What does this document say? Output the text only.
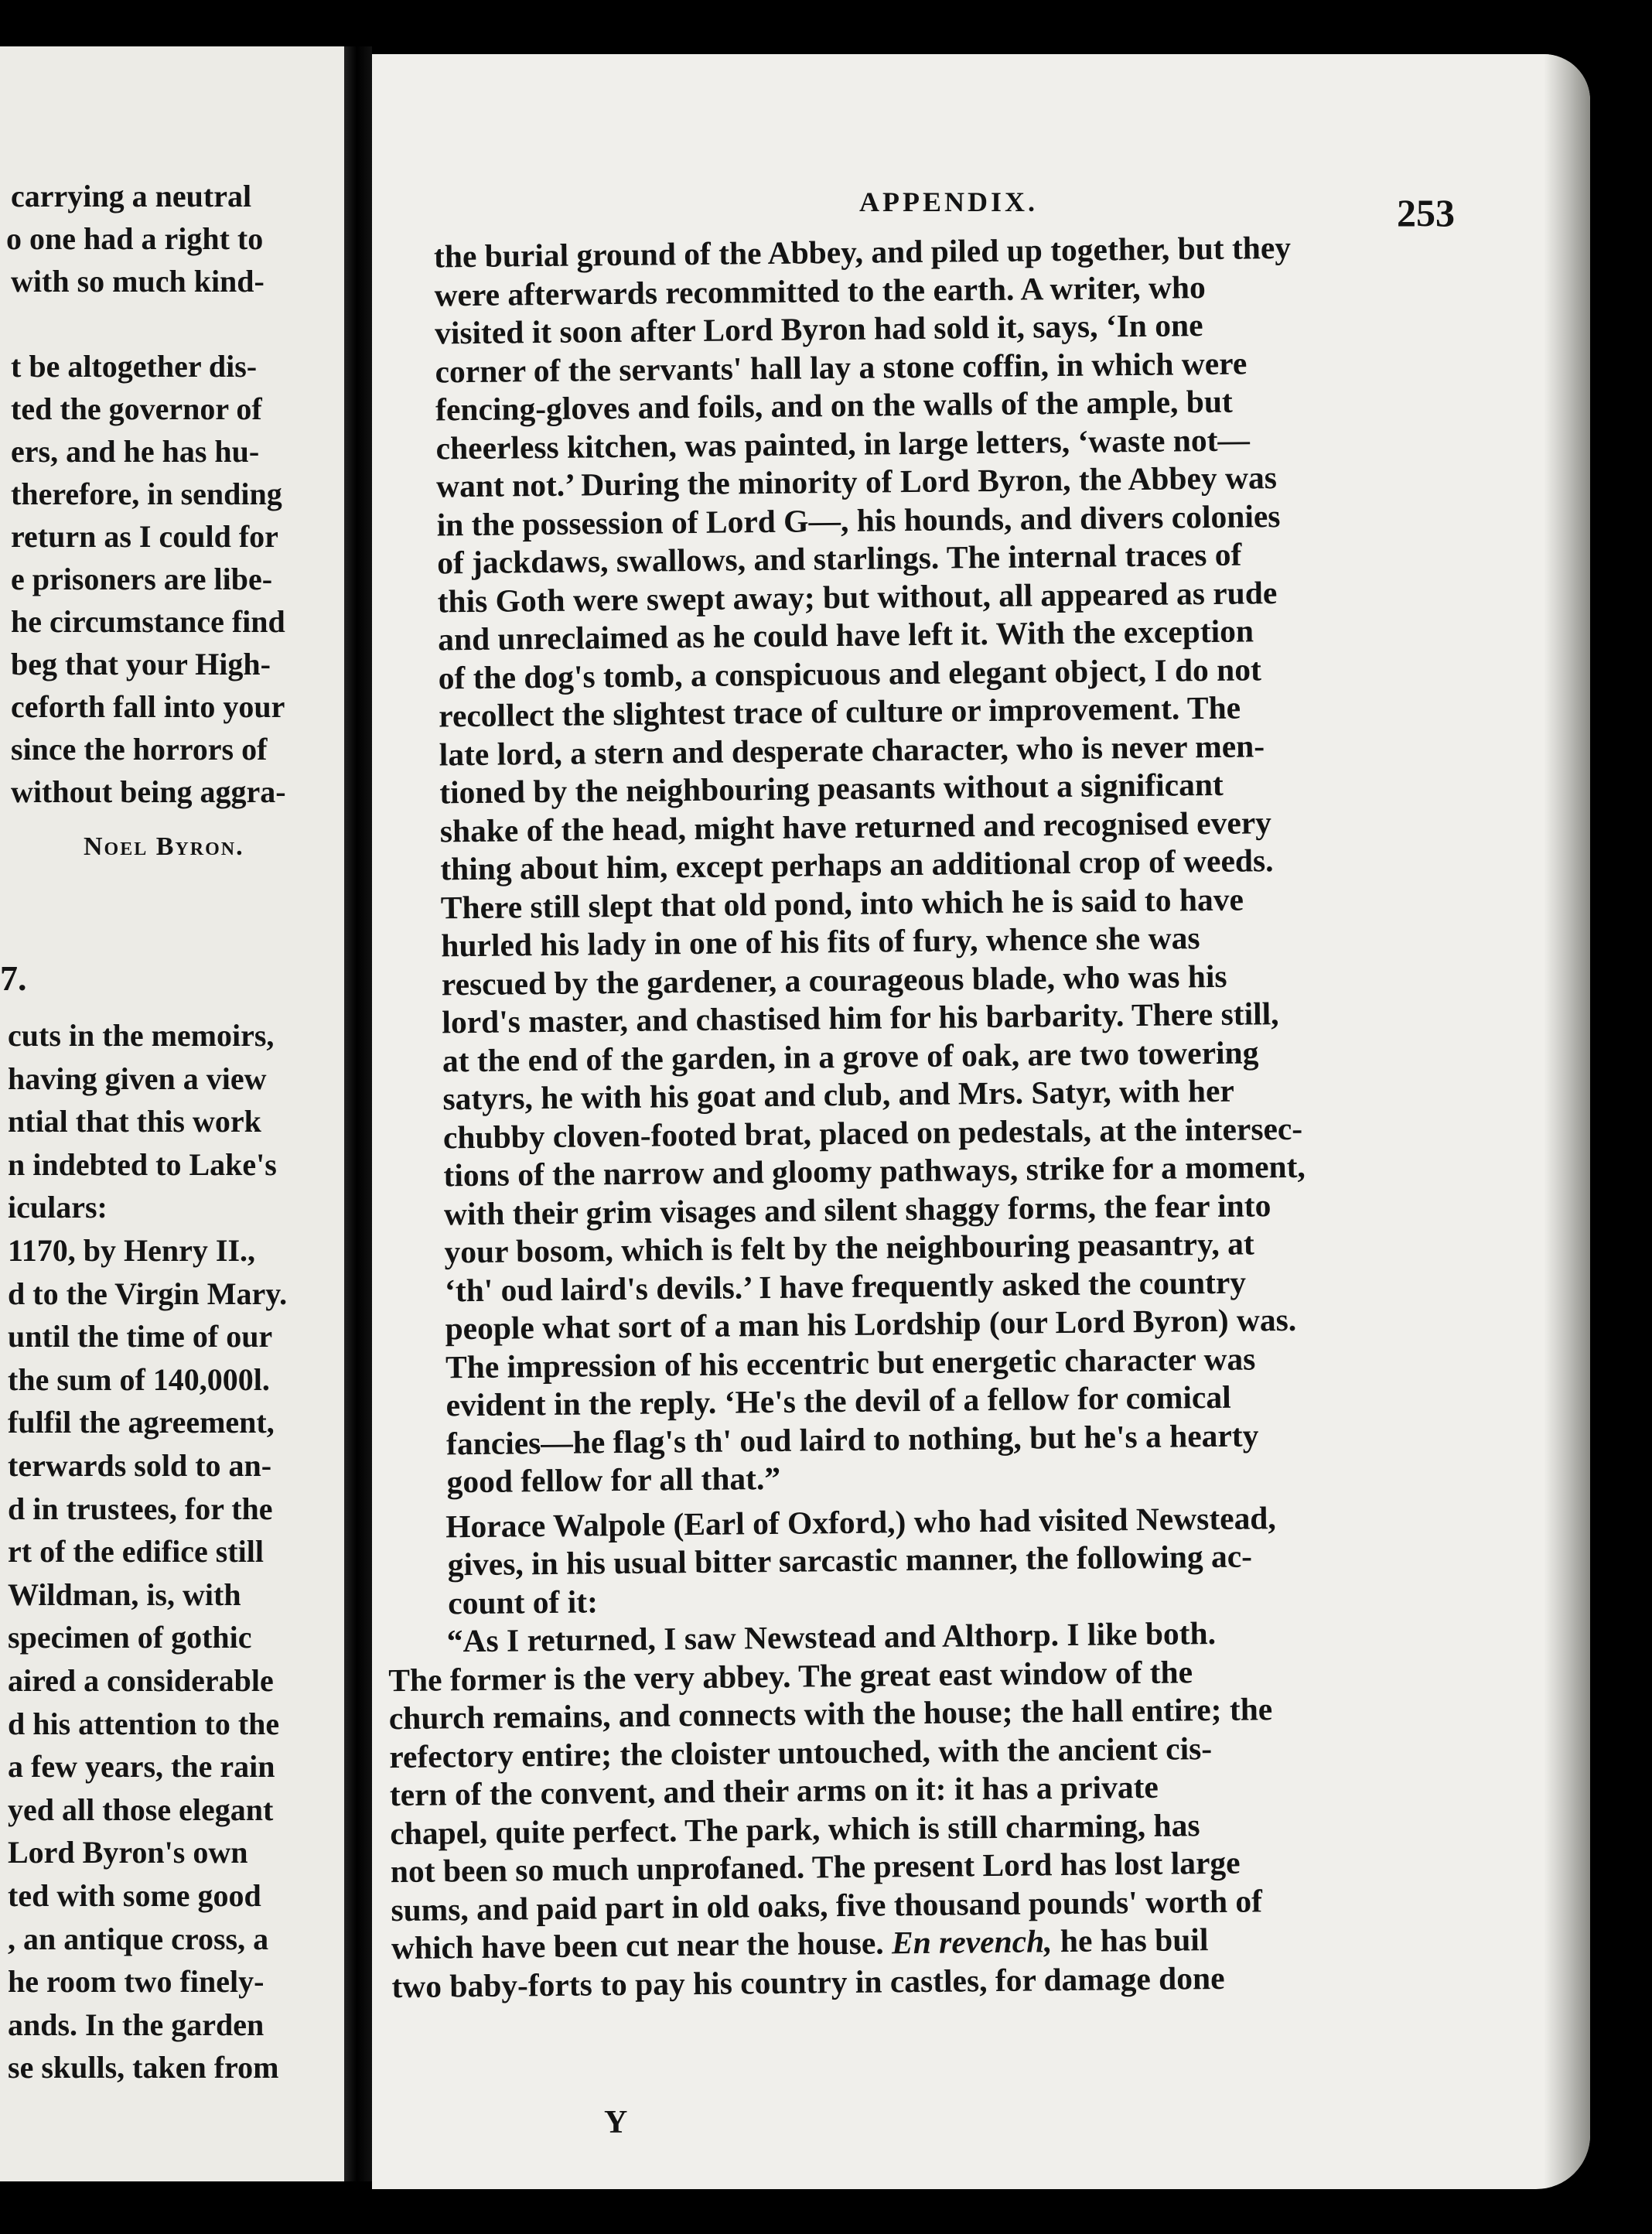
carrying a neutral
o one had a right to
with so much kind-
t be altogether dis-
ted the governor of
ers, and he has hu-
therefore, in sending
return as I could for
e prisoners are libe-
he circumstance find
beg that your High-
ceforth fall into your
since the horrors of
without being aggra-
Noel Byron.
7.
cuts in the memoirs,
having given a view
ntial that this work
n indebted to Lake's
iculars:
1170, by Henry II.,
d to the Virgin Mary.
until the time of our
the sum of 140,000l.
fulfil the agreement,
terwards sold to an-
d in trustees, for the
rt of the edifice still
Wildman, is, with
specimen of gothic
aired a considerable
d his attention to the
a few years, the rain
yed all those elegant
Lord Byron's own
ted with some good
, an antique cross, a
he room two finely-
ands. In the garden
se skulls, taken from
APPENDIX.	253
which have been cut near the house. En revench, he has buil
two baby-forts to pay his country in castles, for damage done
the burial ground of the Abbey, and piled up together, but they
were afterwards recommitted to the earth. A writer, who
visited it soon after Lord Byron had sold it, says, ‘In one
corner of the servants' hall lay a stone coffin, in which were
fencing-gloves and foils, and on the walls of the ample, but
cheerless kitchen, was painted, in large letters, ‘waste not—
want not.’ During the minority of Lord Byron, the Abbey was
in the possession of Lord G—, his hounds, and divers colonies
of jackdaws, swallows, and starlings. The internal traces of
this Goth were swept away; but without, all appeared as rude
and unreclaimed as he could have left it. With the exception
of the dog's tomb, a conspicuous and elegant object, I do not
recollect the slightest trace of culture or improvement. The
late lord, a stern and desperate character, who is never men-
tioned by the neighbouring peasants without a significant
shake of the head, might have returned and recognised every
thing about him, except perhaps an additional crop of weeds.
There still slept that old pond, into which he is said to have
hurled his lady in one of his fits of fury, whence she was
rescued by the gardener, a courageous blade, who was his
lord's master, and chastised him for his barbarity. There still,
at the end of the garden, in a grove of oak, are two towering
satyrs, he with his goat and club, and Mrs. Satyr, with her
chubby cloven-footed brat, placed on pedestals, at the intersec-
tions of the narrow and gloomy pathways, strike for a moment,
with their grim visages and silent shaggy forms, the fear into
your bosom, which is felt by the neighbouring peasantry, at
‘th' oud laird's devils.’ I have frequently asked the country
people what sort of a man his Lordship (our Lord Byron) was.
The impression of his eccentric but energetic character was
evident in the reply. ‘He's the devil of a fellow for comical
fancies—he flag's th' oud laird to nothing, but he's a hearty
good fellow for all that.”
Horace Walpole (Earl of Oxford,) who had visited Newstead,
gives, in his usual bitter sarcastic manner, the following ac-
count of it:
“As I returned, I saw Newstead and Althorp. I like both.
The former is the very abbey. The great east window of the
church remains, and connects with the house; the hall entire; the
refectory entire; the cloister untouched, with the ancient cis-
tern of the convent, and their arms on it: it has a private
chapel, quite perfect. The park, which is still charming, has
not been so much unprofaned. The present Lord has lost large
sums, and paid part in old oaks, five thousand pounds' worth of
Y
